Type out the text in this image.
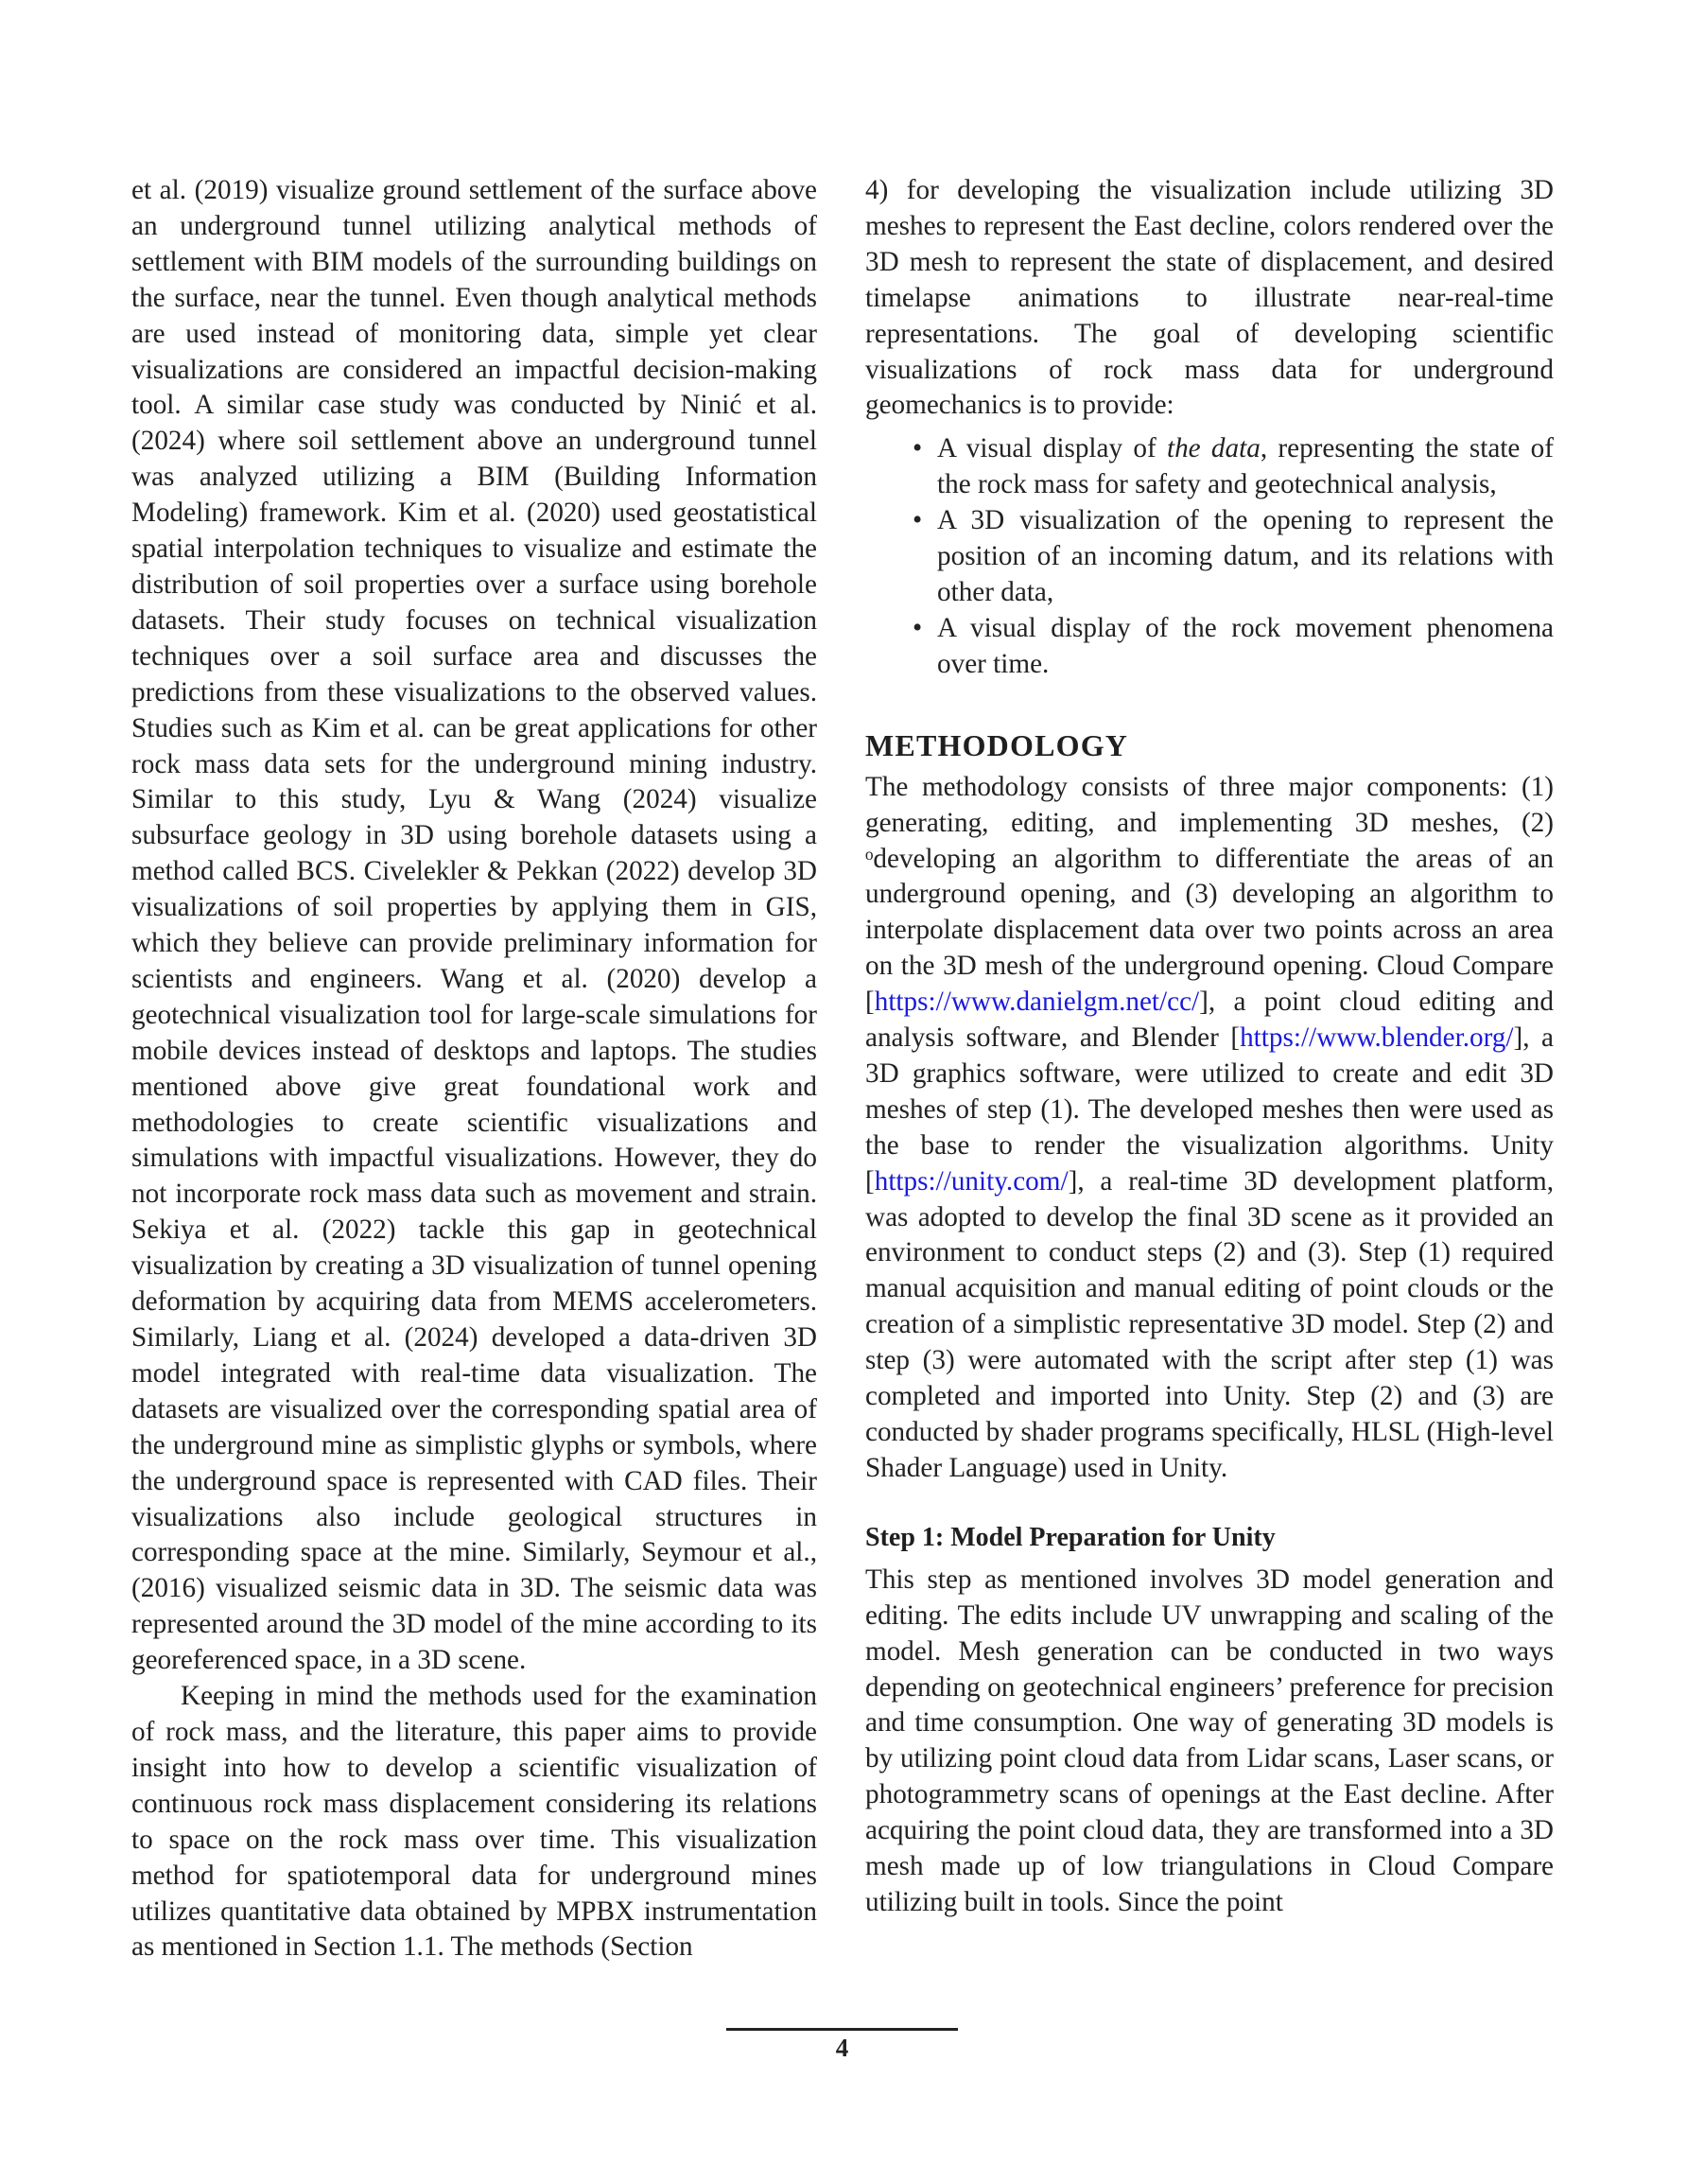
et al. (2019) visualize ground settlement of the surface above an underground tunnel utilizing analytical methods of settlement with BIM models of the surrounding buildings on the surface, near the tunnel. Even though analytical methods are used instead of monitoring data, simple yet clear visualizations are considered an impactful decision-making tool. A similar case study was conducted by Ninić et al. (2024) where soil settlement above an underground tunnel was analyzed utilizing a BIM (Building Information Modeling) framework. Kim et al. (2020) used geostatistical spatial interpolation techniques to visualize and estimate the distribution of soil properties over a surface using borehole datasets. Their study focuses on technical visualization techniques over a soil surface area and discusses the predictions from these visualizations to the observed values. Studies such as Kim et al. can be great applications for other rock mass data sets for the underground mining industry. Similar to this study, Lyu & Wang (2024) visualize subsurface geology in 3D using borehole datasets using a method called BCS. Civelekler & Pekkan (2022) develop 3D visualizations of soil properties by applying them in GIS, which they believe can provide preliminary information for scientists and engineers. Wang et al. (2020) develop a geotechnical visualization tool for large-scale simulations for mobile devices instead of desktops and laptops. The studies mentioned above give great foundational work and methodologies to create scientific visualizations and simulations with impactful visualizations. However, they do not incorporate rock mass data such as movement and strain. Sekiya et al. (2022) tackle this gap in geotechnical visualization by creating a 3D visualization of tunnel opening deformation by acquiring data from MEMS accelerometers. Similarly, Liang et al. (2024) developed a data-driven 3D model integrated with real-time data visualization. The datasets are visualized over the corresponding spatial area of the underground mine as simplistic glyphs or symbols, where the underground space is represented with CAD files. Their visualizations also include geological structures in corresponding space at the mine. Similarly, Seymour et al., (2016) visualized seismic data in 3D. The seismic data was represented around the 3D model of the mine according to its georeferenced space, in a 3D scene.

Keeping in mind the methods used for the examination of rock mass, and the literature, this paper aims to provide insight into how to develop a scientific visualization of continuous rock mass displacement considering its relations to space on the rock mass over time. This visualization method for spatiotemporal data for underground mines utilizes quantitative data obtained by MPBX instrumentation as mentioned in Section 1.1. The methods (Section

4) for developing the visualization include utilizing 3D meshes to represent the East decline, colors rendered over the 3D mesh to represent the state of displacement, and desired timelapse animations to illustrate near-real-time representations. The goal of developing scientific visualizations of rock mass data for underground geomechanics is to provide:

• A visual display of the data, representing the state of the rock mass for safety and geotechnical analysis,
• A 3D visualization of the opening to represent the position of an incoming datum, and its relations with other data,
• A visual display of the rock movement phenomena over time.
METHODOLOGY

The methodology consists of three major components: (1) generating, editing, and implementing 3D meshes, (2) ᵒdeveloping an algorithm to differentiate the areas of an underground opening, and (3) developing an algorithm to interpolate displacement data over two points across an area on the 3D mesh of the underground opening. Cloud Compare [https://www.danielgm.net/cc/], a point cloud editing and analysis software, and Blender [https://www.blender.org/], a 3D graphics software, were utilized to create and edit 3D meshes of step (1). The developed meshes then were used as the base to render the visualization algorithms. Unity [https://unity.com/], a real-time 3D development platform, was adopted to develop the final 3D scene as it provided an environment to conduct steps (2) and (3). Step (1) required manual acquisition and manual editing of point clouds or the creation of a simplistic representative 3D model. Step (2) and step (3) were automated with the script after step (1) was completed and imported into Unity. Step (2) and (3) are conducted by shader programs specifically, HLSL (High-level Shader Language) used in Unity.

Step 1: Model Preparation for Unity

This step as mentioned involves 3D model generation and editing. The edits include UV unwrapping and scaling of the model. Mesh generation can be conducted in two ways depending on geotechnical engineers’ preference for precision and time consumption. One way of generating 3D models is by utilizing point cloud data from Lidar scans, Laser scans, or photogrammetry scans of openings at the East decline. After acquiring the point cloud data, they are transformed into a 3D mesh made up of low triangulations in Cloud Compare utilizing built in tools. Since the point

4
